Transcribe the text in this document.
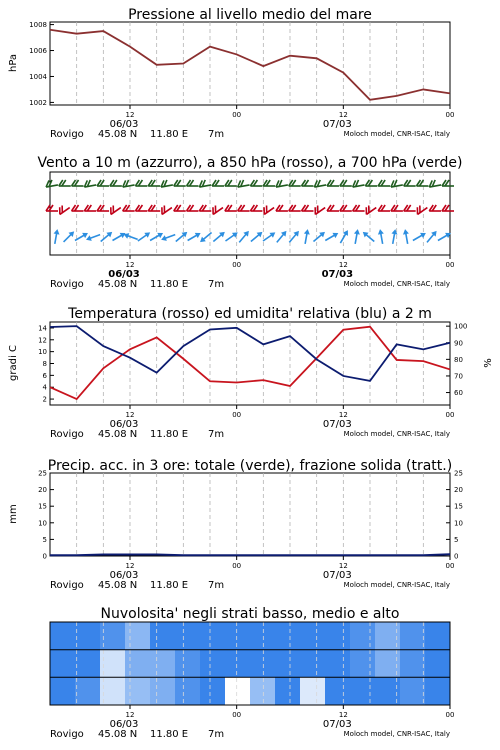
Pressione al livello medio del mare
1002
1004
1006
1008
hPa
12	00	12	00
06/03	07/03
Rovigo 45.08 N 11.80 E 7m	Moloch model, CNR-ISAC, Italy
Vento a 10 m (azzurro), a 850 hPa (rosso), a 700 hPa (verde)
12	00	12	00
06/03	07/03
Rovigo 45.08 N 11.80 E 7m	Moloch model, CNR-ISAC, Italy
Temperatura (rosso) ed umidita' relativa (blu) a 2 m
2
4
6
8
10
12
14
60
70
80
90
100
gradi C	%
12	00	12	00
06/03	07/03
Rovigo 45.08 N 11.80 E 7m	Moloch model, CNR-ISAC, Italy
Precip. acc. in 3 ore: totale (verde), frazione solida (tratt.)
0
5
10
15
20
25
0
5
10
15
20
25
mm
12	00	12	00
06/03	07/03
Rovigo 45.08 N 11.80 E 7m	Moloch model, CNR-ISAC, Italy
Nuvolosita' negli strati basso, medio e alto
12	00	12	00
06/03	07/03
Rovigo 45.08 N 11.80 E 7m	Moloch model, CNR-ISAC, Italy
